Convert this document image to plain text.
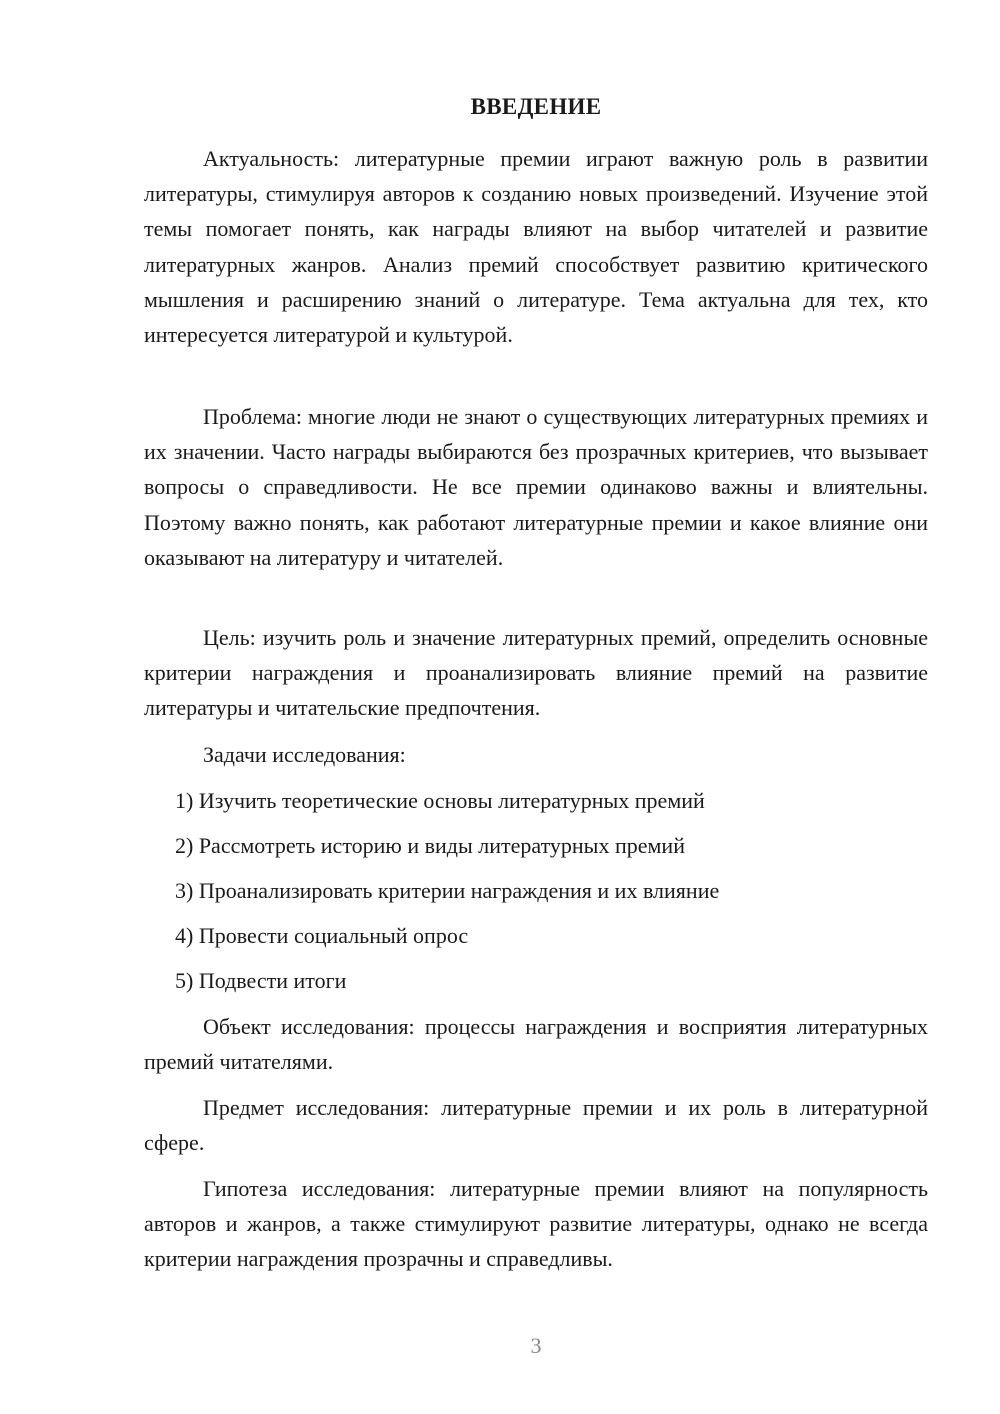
ВВЕДЕНИЕ
Актуальность: литературные премии играют важную роль в развитии литературы, стимулируя авторов к созданию новых произведений. Изучение этой темы помогает понять, как награды влияют на выбор читателей и развитие литературных жанров. Анализ премий способствует развитию критического мышления и расширению знаний о литературе. Тема актуальна для тех, кто интересуется литературой и культурой.
Проблема: многие люди не знают о существующих литературных премиях и их значении. Часто награды выбираются без прозрачных критериев, что вызывает вопросы о справедливости. Не все премии одинаково важны и влиятельны. Поэтому важно понять, как работают литературные премии и какое влияние они оказывают на литературу и читателей.
Цель: изучить роль и значение литературных премий, определить основные критерии награждения и проанализировать влияние премий на развитие литературы и читательские предпочтения.
Задачи исследования:
1) Изучить теоретические основы литературных премий
2) Рассмотреть историю и виды литературных премий
3) Проанализировать критерии награждения и их влияние
4) Провести социальный опрос
5) Подвести итоги
Объект исследования: процессы награждения и восприятия литературных премий читателями.
Предмет исследования: литературные премии и их роль в литературной сфере.
Гипотеза исследования: литературные премии влияют на популярность авторов и жанров, а также стимулируют развитие литературы, однако не всегда критерии награждения прозрачны и справедливы.
3
